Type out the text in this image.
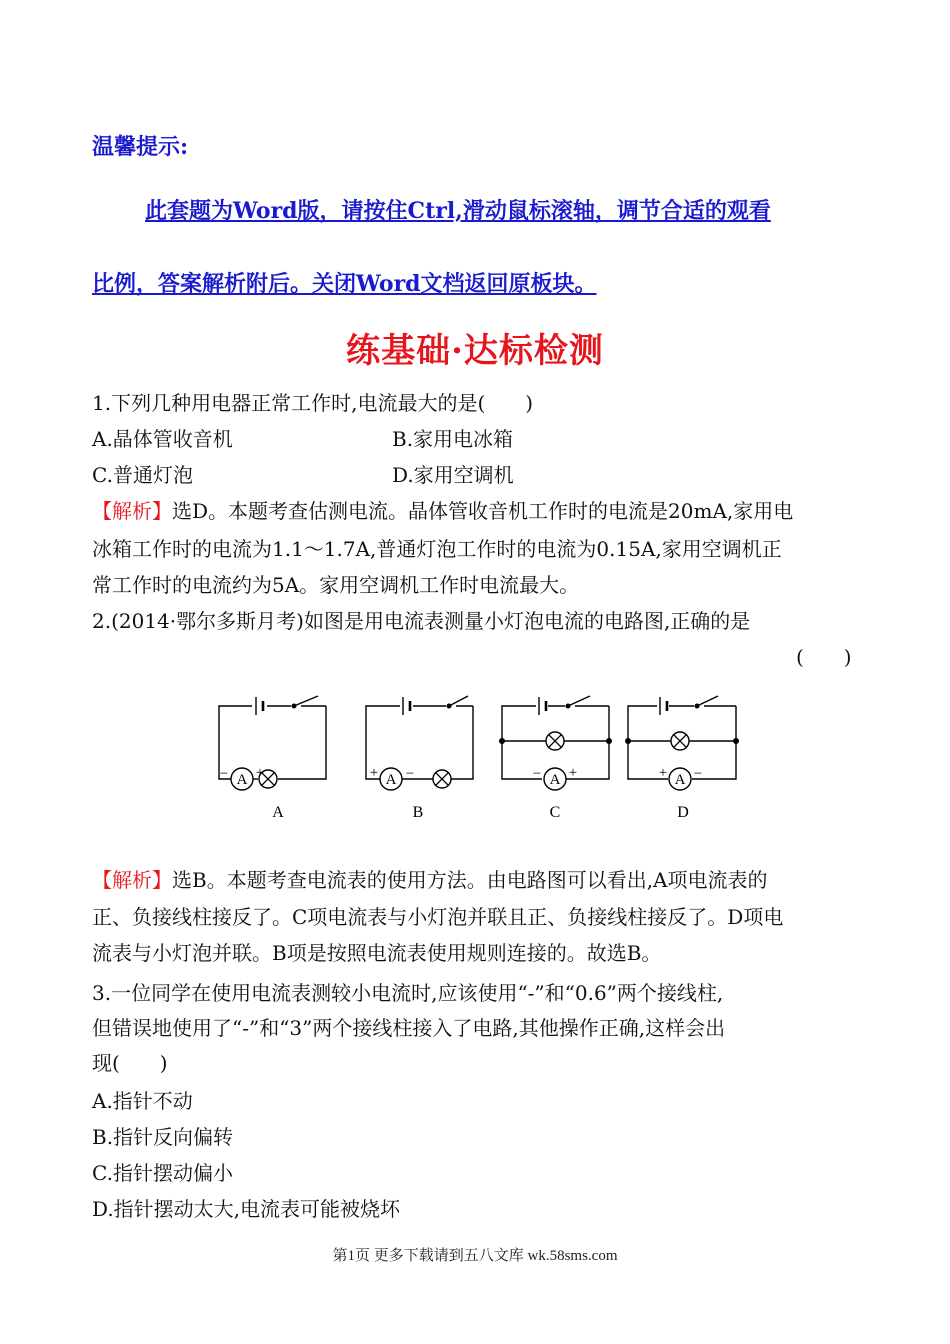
温馨提示:
此套题为Word版，请按住Ctrl,滑动鼠标滚轴，调节合适的观看
比例，答案解析附后。关闭Word文档返回原板块。
练基础·达标检测
1.下列几种用电器正常工作时,电流最大的是(　　)
A.晶体管收音机	B.家用电冰箱
C.普通灯泡	D.家用空调机
【解析】选D。本题考查估测电流。晶体管收音机工作时的电流是20mA,家用电
冰箱工作时的电流为1.1～1.7A,普通灯泡工作时的电流为0.15A,家用空调机正
常工作时的电流约为5A。家用空调机工作时电流最大。
2.(2014·鄂尔多斯月考)如图是用电流表测量小灯泡电流的电路图,正确的是
(　　)
A
− +
A
A
+ −
B
A
− +
C
A
+ −
D
【解析】选B。本题考查电流表的使用方法。由电路图可以看出,A项电流表的
正、负接线柱接反了。C项电流表与小灯泡并联且正、负接线柱接反了。D项电
流表与小灯泡并联。B项是按照电流表使用规则连接的。故选B。
3.一位同学在使用电流表测较小电流时,应该使用“-”和“0.6”两个接线柱,
但错误地使用了“-”和“3”两个接线柱接入了电路,其他操作正确,这样会出
现(　　)
A.指针不动
B.指针反向偏转
C.指针摆动偏小
D.指针摆动太大,电流表可能被烧坏
第1页 更多下载请到五八文库 wk.58sms.com
